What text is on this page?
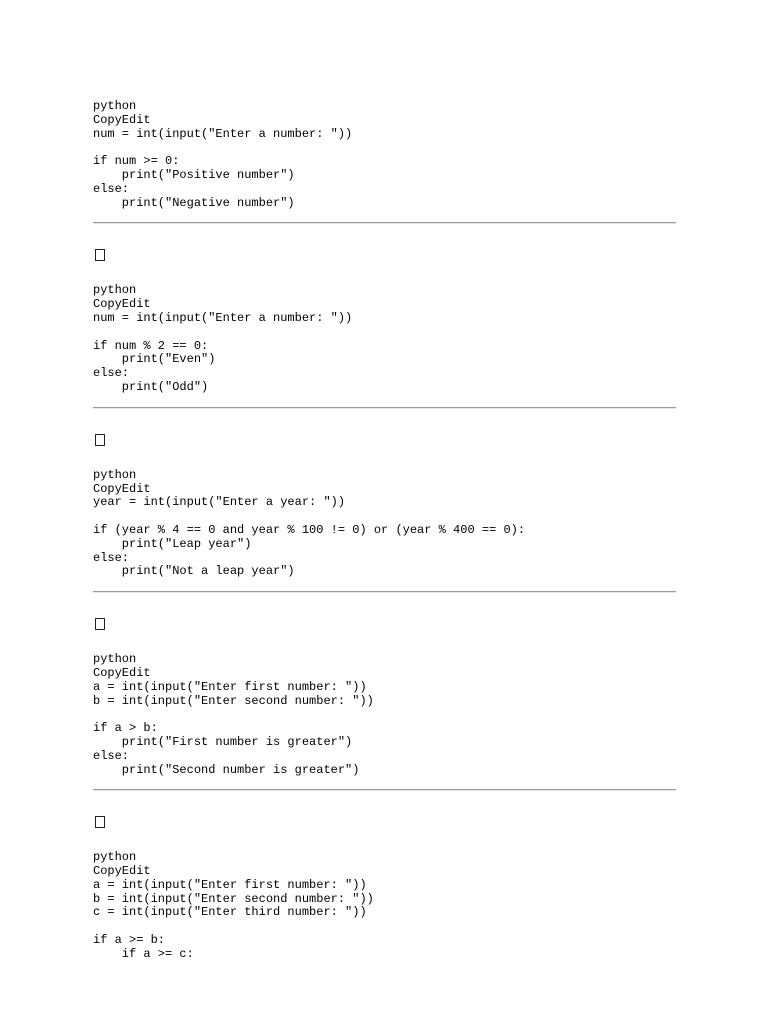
python
CopyEdit
num = int(input("Enter a number: "))
if num >= 0:
print("Positive number")
else:
print("Negative number")
python
CopyEdit
num = int(input("Enter a number: "))
if num % 2 == 0:
print("Even")
else:
print("Odd")
python
CopyEdit
year = int(input("Enter a year: "))
if (year % 4 == 0 and year % 100 != 0) or (year % 400 == 0):
print("Leap year")
else:
print("Not a leap year")
python
CopyEdit
a = int(input("Enter first number: "))
b = int(input("Enter second number: "))
if a > b:
print("First number is greater")
else:
print("Second number is greater")
python
CopyEdit
a = int(input("Enter first number: "))
b = int(input("Enter second number: "))
c = int(input("Enter third number: "))
if a >= b:
if a >= c:
